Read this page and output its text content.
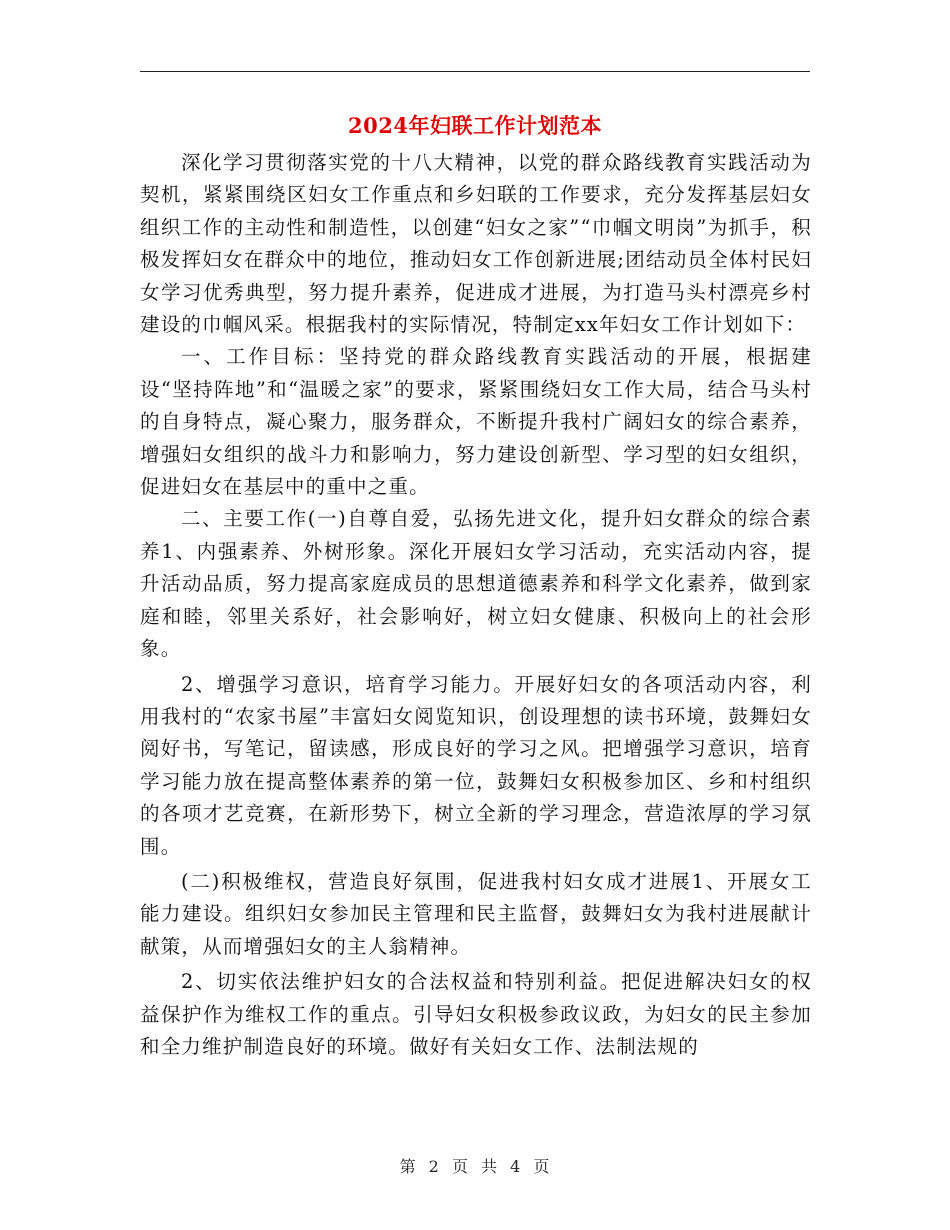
2024年妇联工作计划范本

深化学习贯彻落实党的十八大精神，以党的群众路线教育实践活动为契机，紧紧围绕区妇女工作重点和乡妇联的工作要求，充分发挥基层妇女组织工作的主动性和制造性，以创建“妇女之家”“巾帼文明岗”为抓手，积极发挥妇女在群众中的地位，推动妇女工作创新进展;团结动员全体村民妇女学习优秀典型，努力提升素养，促进成才进展，为打造马头村漂亮乡村建设的巾帼风采。根据我村的实际情况，特制定xx年妇女工作计划如下：

一、工作目标：坚持党的群众路线教育实践活动的开展，根据建设“坚持阵地”和“温暖之家”的要求，紧紧围绕妇女工作大局，结合马头村的自身特点，凝心聚力，服务群众，不断提升我村广阔妇女的综合素养，增强妇女组织的战斗力和影响力，努力建设创新型、学习型的妇女组织，促进妇女在基层中的重中之重。

二、主要工作(一)自尊自爱，弘扬先进文化，提升妇女群众的综合素养1、内强素养、外树形象。深化开展妇女学习活动，充实活动内容，提升活动品质，努力提高家庭成员的思想道德素养和科学文化素养，做到家庭和睦，邻里关系好，社会影响好，树立妇女健康、积极向上的社会形象。

2、增强学习意识，培育学习能力。开展好妇女的各项活动内容，利用我村的“农家书屋”丰富妇女阅览知识，创设理想的读书环境，鼓舞妇女阅好书，写笔记，留读感，形成良好的学习之风。把增强学习意识，培育学习能力放在提高整体素养的第一位，鼓舞妇女积极参加区、乡和村组织的各项才艺竞赛，在新形势下，树立全新的学习理念，营造浓厚的学习氛围。

(二)积极维权，营造良好氛围，促进我村妇女成才进展1、开展女工能力建设。组织妇女参加民主管理和民主监督，鼓舞妇女为我村进展献计献策，从而增强妇女的主人翁精神。

2、切实依法维护妇女的合法权益和特别利益。把促进解决妇女的权益保护作为维权工作的重点。引导妇女积极参政议政，为妇女的民主参加和全力维护制造良好的环境。做好有关妇女工作、法制法规的

第 2 页 共 4 页
